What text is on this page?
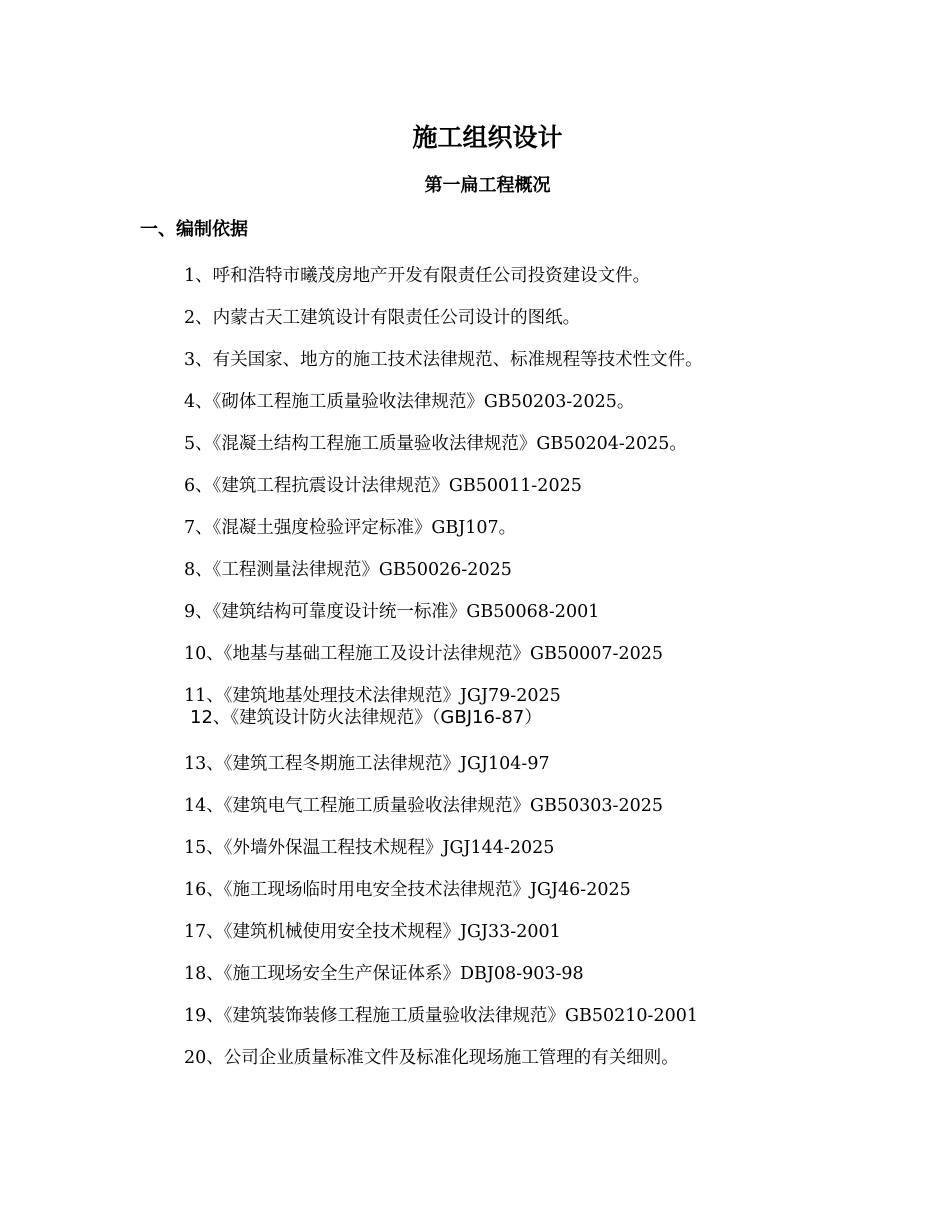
施工组织设计
第一扁工程概况
一、编制依据
1、呼和浩特市曦茂房地产开发有限责任公司投资建设文件。
2、内蒙古天工建筑设计有限责任公司设计的图纸。
3、有关国家、地方的施工技术法律规范、标准规程等技术性文件。
4、《砌体工程施工质量验收法律规范》GB50203-2025。
5、《混凝土结构工程施工质量验收法律规范》GB50204-2025。
6、《建筑工程抗震设计法律规范》GB50011-2025
7、《混凝土强度检验评定标准》GBJ107。
8、《工程测量法律规范》GB50026-2025
9、《建筑结构可靠度设计统一标准》GB50068-2001
10、《地基与基础工程施工及设计法律规范》GB50007-2025
11、《建筑地基处理技术法律规范》JGJ79-2025
12、《建筑设计防火法律规范》（GBJ16-87）
13、《建筑工程冬期施工法律规范》JGJ104-97
14、《建筑电气工程施工质量验收法律规范》GB50303-2025
15、《外墙外保温工程技术规程》JGJ144-2025
16、《施工现场临时用电安全技术法律规范》JGJ46-2025
17、《建筑机械使用安全技术规程》JGJ33-2001
18、《施工现场安全生产保证体系》DBJ08-903-98
19、《建筑装饰装修工程施工质量验收法律规范》GB50210-2001
20、公司企业质量标准文件及标准化现场施工管理的有关细则。
